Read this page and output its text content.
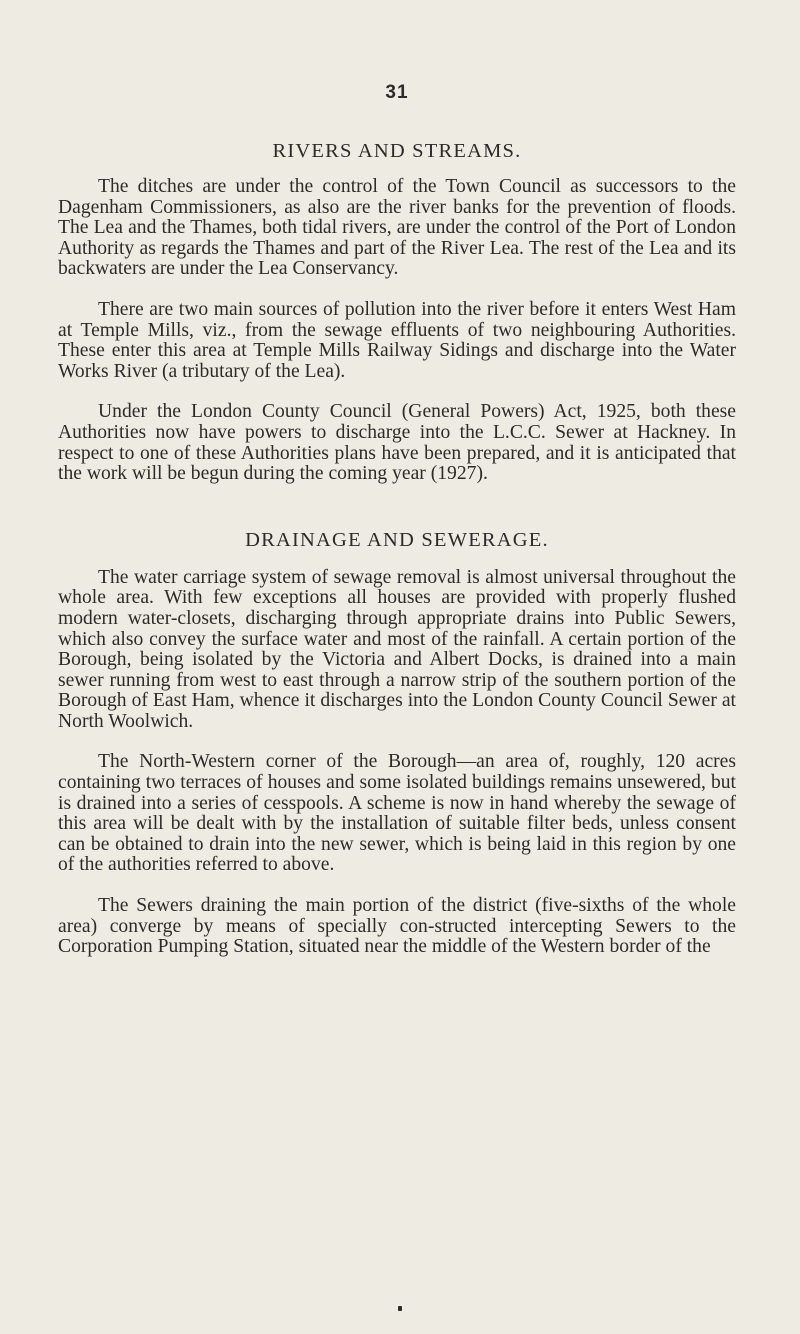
31
RIVERS AND STREAMS.

The ditches are under the control of the Town Council as successors to the Dagenham Commissioners, as also are the river banks for the prevention of floods. The Lea and the Thames, both tidal rivers, are under the control of the Port of London Authority as regards the Thames and part of the River Lea. The rest of the Lea and its backwaters are under the Lea Conservancy.

There are two main sources of pollution into the river before it enters West Ham at Temple Mills, viz., from the sewage effluents of two neighbouring Authorities. These enter this area at Temple Mills Railway Sidings and discharge into the Water Works River (a tributary of the Lea).

Under the London County Council (General Powers) Act, 1925, both these Authorities now have powers to discharge into the L.C.C. Sewer at Hackney. In respect to one of these Authorities plans have been prepared, and it is anticipated that the work will be begun during the coming year (1927).

DRAINAGE AND SEWERAGE.

The water carriage system of sewage removal is almost universal throughout the whole area. With few exceptions all houses are provided with properly flushed modern water-closets, discharging through appropriate drains into Public Sewers, which also convey the surface water and most of the rainfall. A certain portion of the Borough, being isolated by the Victoria and Albert Docks, is drained into a main sewer running from west to east through a narrow strip of the southern portion of the Borough of East Ham, whence it discharges into the London County Council Sewer at North Woolwich.

The North-Western corner of the Borough—an area of, roughly, 120 acres containing two terraces of houses and some isolated buildings remains unsewered, but is drained into a series of cesspools. A scheme is now in hand whereby the sewage of this area will be dealt with by the installation of suitable filter beds, unless consent can be obtained to drain into the new sewer, which is being laid in this region by one of the authorities referred to above.

The Sewers draining the main portion of the district (five-sixths of the whole area) converge by means of specially con-structed intercepting Sewers to the Corporation Pumping Station, situated near the middle of the Western border of the
